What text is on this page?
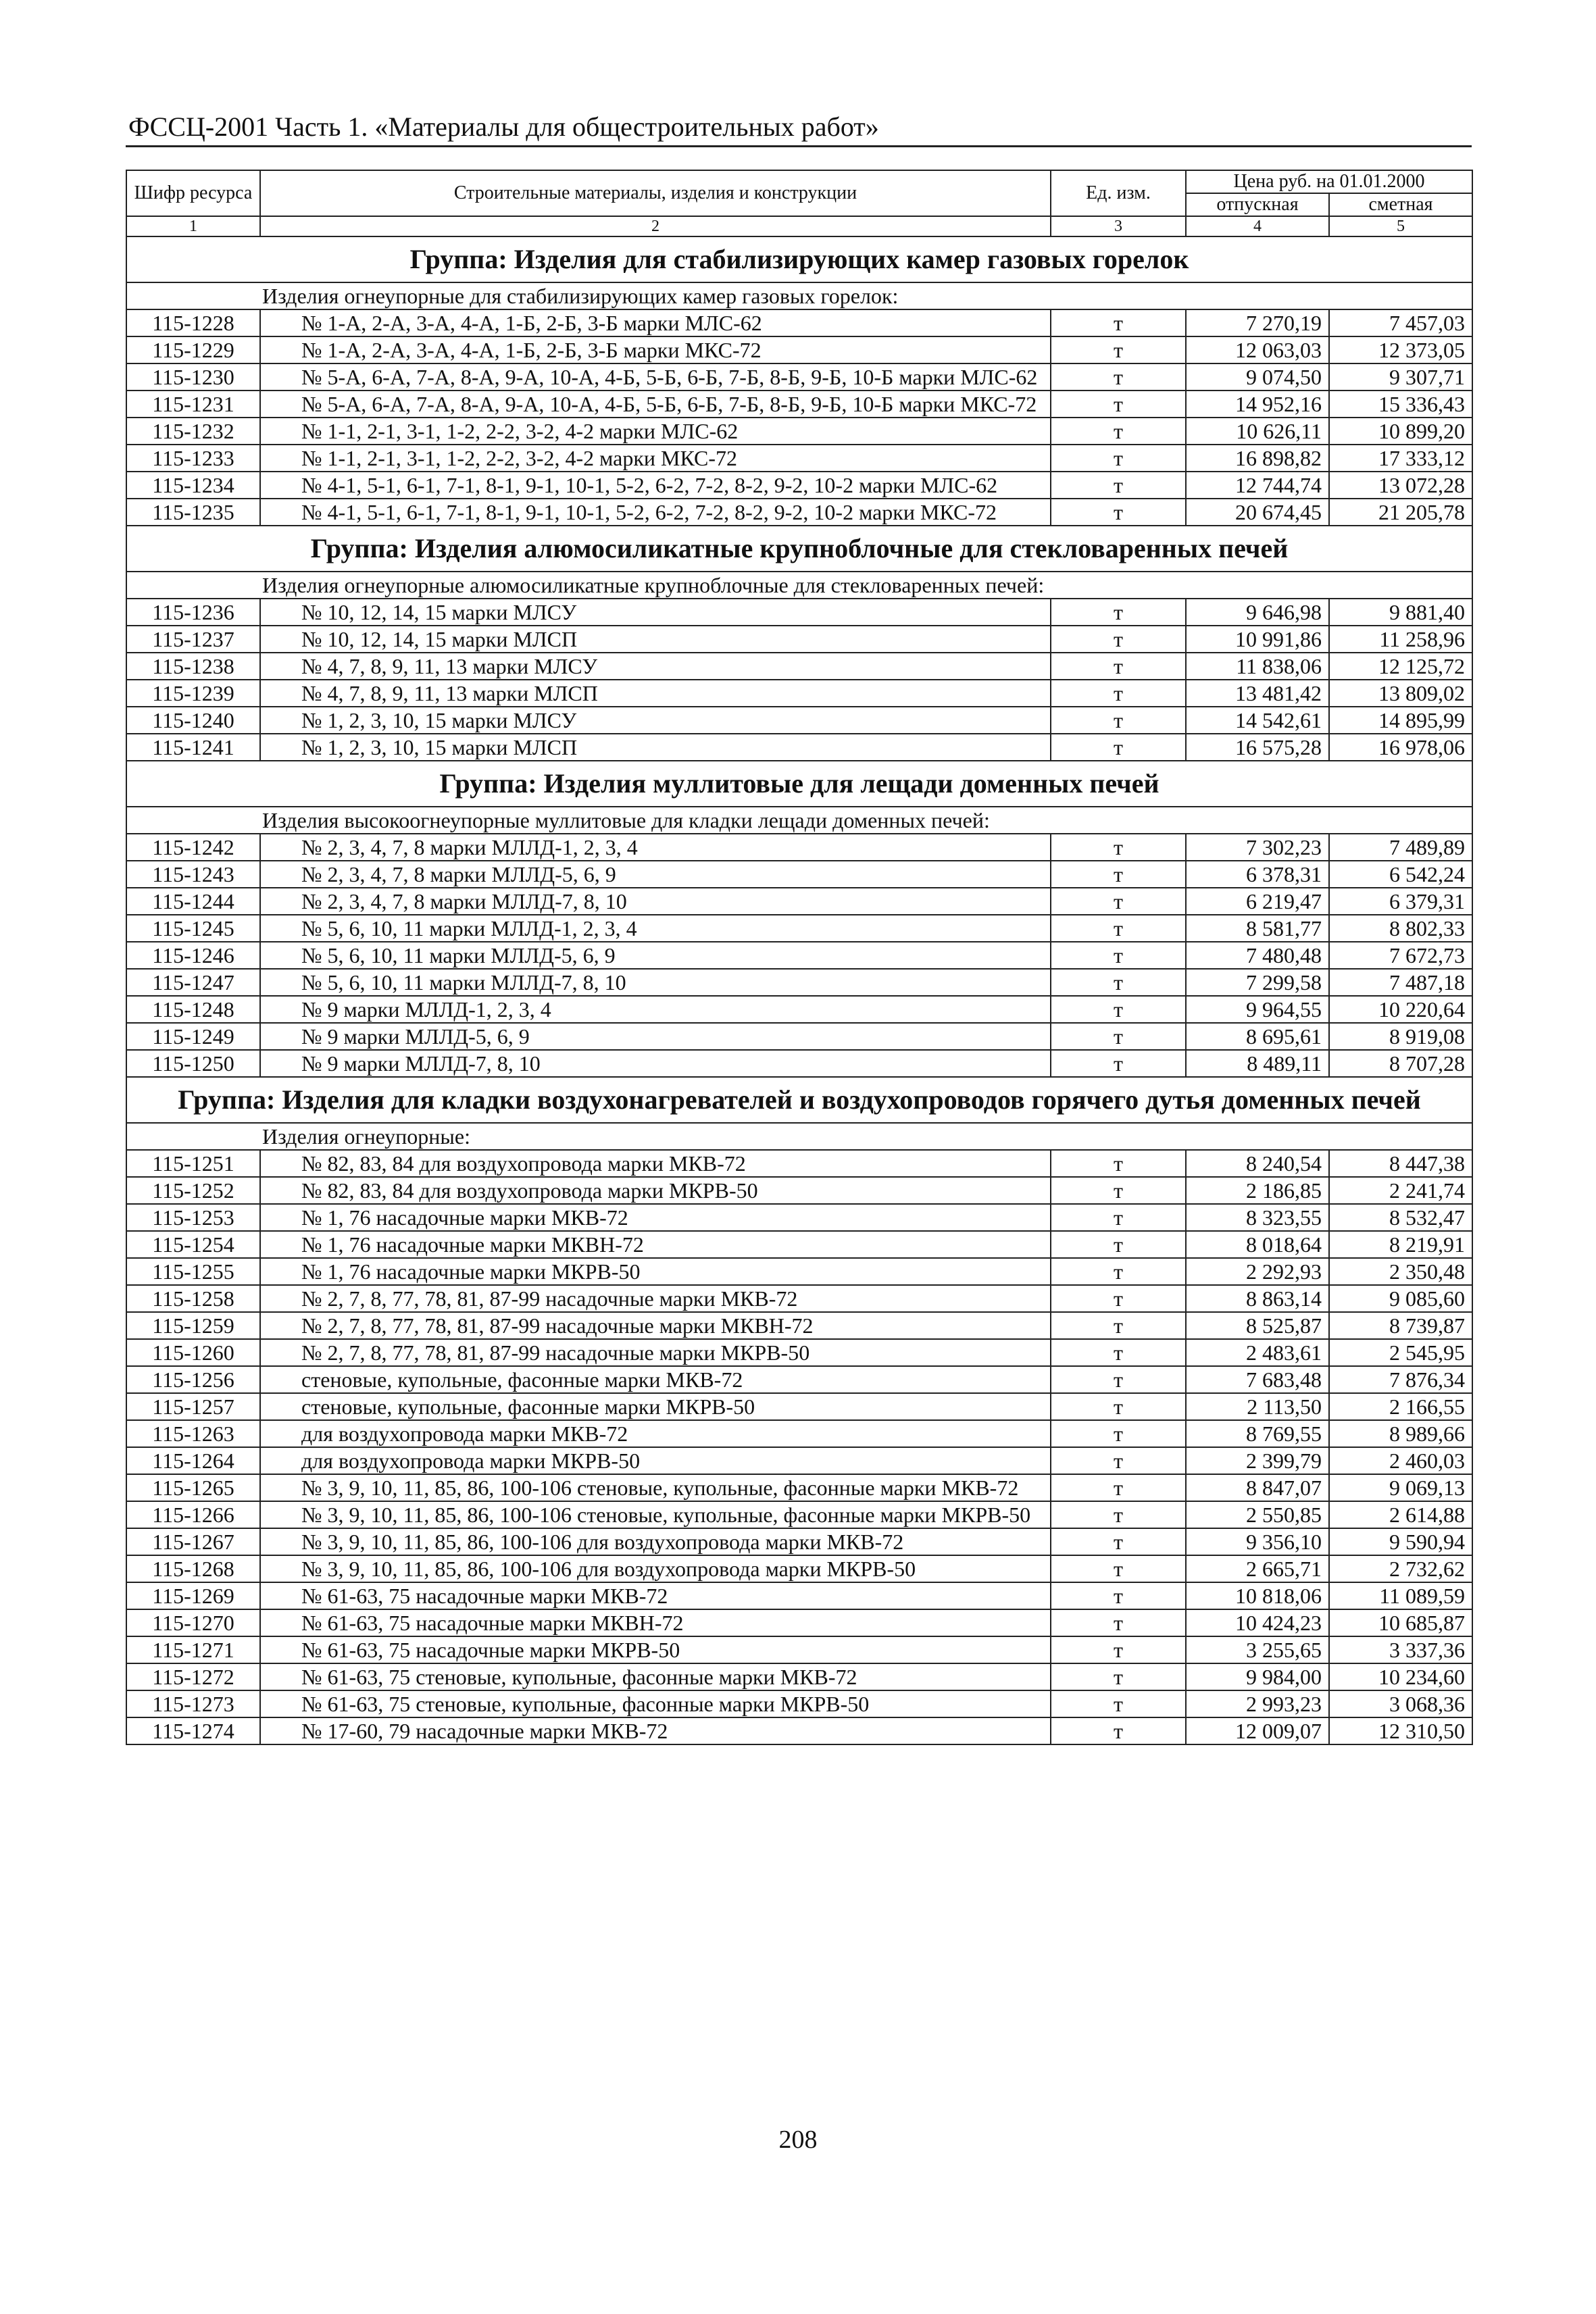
ФССЦ-2001 Часть 1. «Материалы для общестроительных работ»
Шифр ресурса	Строительные материалы, изделия и конструкции	Ед. изм.	Цена руб. на 01.01.2000	
			отпускная	сметная
1	2	3	4	5
Группа: Изделия для стабилизирующих камер газовых горелок				
Изделия огнеупорные для стабилизирующих камер газовых горелок:				
115-1228	№ 1-А, 2-А, 3-А, 4-А, 1-Б, 2-Б, 3-Б марки МЛС-62	т	7 270,19	7 457,03
115-1229	№ 1-А, 2-А, 3-А, 4-А, 1-Б, 2-Б, 3-Б марки МКС-72	т	12 063,03	12 373,05
115-1230	№ 5-А, 6-А, 7-А, 8-А, 9-А, 10-А, 4-Б, 5-Б, 6-Б, 7-Б, 8-Б, 9-Б, 10-Б марки МЛС-62	т	9 074,50	9 307,71
115-1231	№ 5-А, 6-А, 7-А, 8-А, 9-А, 10-А, 4-Б, 5-Б, 6-Б, 7-Б, 8-Б, 9-Б, 10-Б марки МКС-72	т	14 952,16	15 336,43
115-1232	№ 1-1, 2-1, 3-1, 1-2, 2-2, 3-2, 4-2 марки МЛС-62	т	10 626,11	10 899,20
115-1233	№ 1-1, 2-1, 3-1, 1-2, 2-2, 3-2, 4-2 марки МКС-72	т	16 898,82	17 333,12
115-1234	№ 4-1, 5-1, 6-1, 7-1, 8-1, 9-1, 10-1, 5-2, 6-2, 7-2, 8-2, 9-2, 10-2 марки МЛС-62	т	12 744,74	13 072,28
115-1235	№ 4-1, 5-1, 6-1, 7-1, 8-1, 9-1, 10-1, 5-2, 6-2, 7-2, 8-2, 9-2, 10-2 марки МКС-72	т	20 674,45	21 205,78
Группа: Изделия алюмосиликатные крупноблочные для стекловаренных печей				
Изделия огнеупорные алюмосиликатные крупноблочные для стекловаренных печей:				
115-1236	№ 10, 12, 14, 15 марки МЛСУ	т	9 646,98	9 881,40
115-1237	№ 10, 12, 14, 15 марки МЛСП	т	10 991,86	11 258,96
115-1238	№ 4, 7, 8, 9, 11, 13 марки МЛСУ	т	11 838,06	12 125,72
115-1239	№ 4, 7, 8, 9, 11, 13 марки МЛСП	т	13 481,42	13 809,02
115-1240	№ 1, 2, 3, 10, 15 марки МЛСУ	т	14 542,61	14 895,99
115-1241	№ 1, 2, 3, 10, 15 марки МЛСП	т	16 575,28	16 978,06
Группа: Изделия муллитовые для лещади доменных печей				
Изделия высокоогнеупорные муллитовые для кладки лещади доменных печей:				
115-1242	№ 2, 3, 4, 7, 8 марки МЛЛД-1, 2, 3, 4	т	7 302,23	7 489,89
115-1243	№ 2, 3, 4, 7, 8 марки МЛЛД-5, 6, 9	т	6 378,31	6 542,24
115-1244	№ 2, 3, 4, 7, 8 марки МЛЛД-7, 8, 10	т	6 219,47	6 379,31
115-1245	№ 5, 6, 10, 11 марки МЛЛД-1, 2, 3, 4	т	8 581,77	8 802,33
115-1246	№ 5, 6, 10, 11 марки МЛЛД-5, 6, 9	т	7 480,48	7 672,73
115-1247	№ 5, 6, 10, 11 марки МЛЛД-7, 8, 10	т	7 299,58	7 487,18
115-1248	№ 9 марки МЛЛД-1, 2, 3, 4	т	9 964,55	10 220,64
115-1249	№ 9 марки МЛЛД-5, 6, 9	т	8 695,61	8 919,08
115-1250	№ 9 марки МЛЛД-7, 8, 10	т	8 489,11	8 707,28
Группа: Изделия для кладки воздухонагревателей и воздухопроводов горячего дутья доменных печей				
Изделия огнеупорные:				
115-1251	№ 82, 83, 84 для воздухопровода марки МКВ-72	т	8 240,54	8 447,38
115-1252	№ 82, 83, 84 для воздухопровода марки МКРВ-50	т	2 186,85	2 241,74
115-1253	№ 1, 76 насадочные марки МКВ-72	т	8 323,55	8 532,47
115-1254	№ 1, 76 насадочные марки МКВН-72	т	8 018,64	8 219,91
115-1255	№ 1, 76 насадочные марки МКРВ-50	т	2 292,93	2 350,48
115-1258	№ 2, 7, 8, 77, 78, 81, 87-99 насадочные марки МКВ-72	т	8 863,14	9 085,60
115-1259	№ 2, 7, 8, 77, 78, 81, 87-99 насадочные марки МКВН-72	т	8 525,87	8 739,87
115-1260	№ 2, 7, 8, 77, 78, 81, 87-99 насадочные марки МКРВ-50	т	2 483,61	2 545,95
115-1256	стеновые, купольные, фасонные марки МКВ-72	т	7 683,48	7 876,34
115-1257	стеновые, купольные, фасонные марки МКРВ-50	т	2 113,50	2 166,55
115-1263	для воздухопровода марки МКВ-72	т	8 769,55	8 989,66
115-1264	для воздухопровода марки МКРВ-50	т	2 399,79	2 460,03
115-1265	№ 3, 9, 10, 11, 85, 86, 100-106 стеновые, купольные, фасонные марки МКВ-72	т	8 847,07	9 069,13
115-1266	№ 3, 9, 10, 11, 85, 86, 100-106 стеновые, купольные, фасонные марки МКРВ-50	т	2 550,85	2 614,88
115-1267	№ 3, 9, 10, 11, 85, 86, 100-106 для воздухопровода марки МКВ-72	т	9 356,10	9 590,94
115-1268	№ 3, 9, 10, 11, 85, 86, 100-106 для воздухопровода марки МКРВ-50	т	2 665,71	2 732,62
115-1269	№ 61-63, 75 насадочные марки МКВ-72	т	10 818,06	11 089,59
115-1270	№ 61-63, 75 насадочные марки МКВН-72	т	10 424,23	10 685,87
115-1271	№ 61-63, 75 насадочные марки МКРВ-50	т	3 255,65	3 337,36
115-1272	№ 61-63, 75 стеновые, купольные, фасонные марки МКВ-72	т	9 984,00	10 234,60
115-1273	№ 61-63, 75 стеновые, купольные, фасонные марки МКРВ-50	т	2 993,23	3 068,36
115-1274	№ 17-60, 79 насадочные марки МКВ-72	т	12 009,07	12 310,50
208
